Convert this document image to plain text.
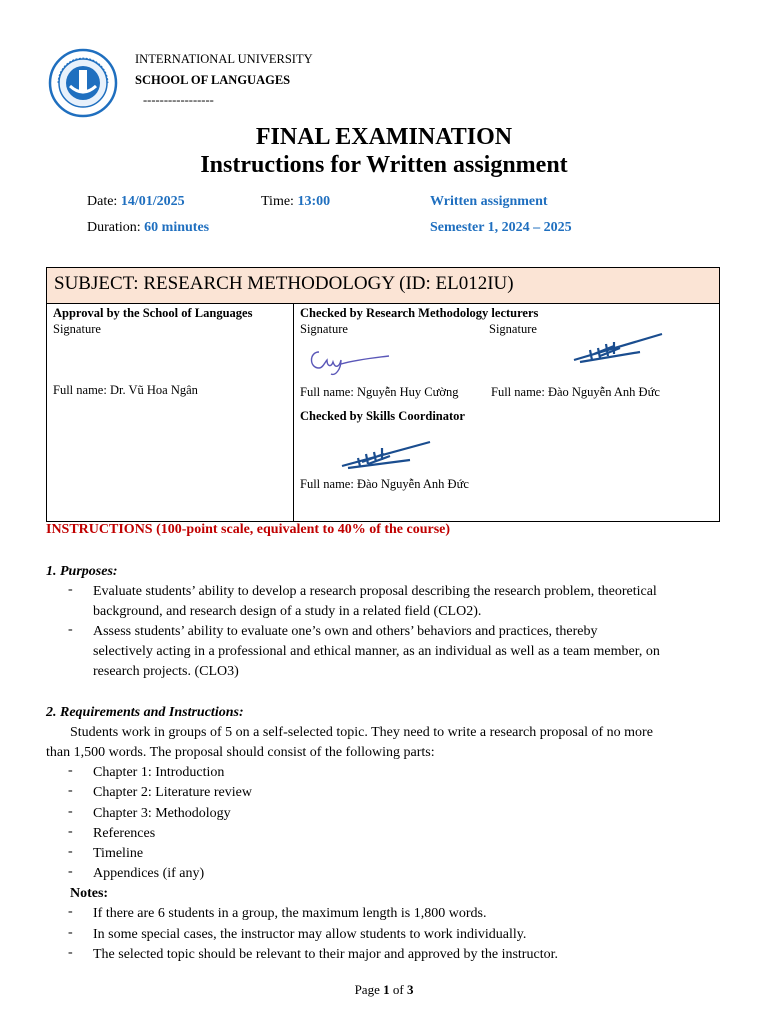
INTERNATIONAL UNIVERSITY
SCHOOL OF LANGUAGES
-----------------
FINAL EXAMINATION
Instructions for Written assignment
Date: 14/01/2025	Time: 13:00	Written assignment
Duration: 60 minutes	Semester 1, 2024 – 2025
SUBJECT: RESEARCH METHODOLOGY (ID: EL012IU)
Approval by the School of Languages
Signature
Full name: Dr. Vũ Hoa Ngân
Checked by Research Methodology lecturers
Signature	Signature
Full name: Nguyễn Huy Cường	Full name: Đào Nguyễn Anh Đức
Checked by Skills Coordinator
Full name: Đào Nguyễn Anh Đức
INSTRUCTIONS (100-point scale, equivalent to 40% of the course)
1. Purposes:
- Evaluate students’ ability to develop a research proposal describing the research problem, theoretical
background, and research design of a study in a related field (CLO2).
- Assess students’ ability to evaluate one’s own and others’ behaviors and practices, thereby
selectively acting in a professional and ethical manner, as an individual as well as a team member, on
research projects. (CLO3)
2. Requirements and Instructions:
Students work in groups of 5 on a self-selected topic. They need to write a research proposal of no more
than 1,500 words. The proposal should consist of the following parts:
- Chapter 1: Introduction
- Chapter 2: Literature review
- Chapter 3: Methodology
- References
- Timeline
- Appendices (if any)
Notes:
- If there are 6 students in a group, the maximum length is 1,800 words.
- In some special cases, the instructor may allow students to work individually.
- The selected topic should be relevant to their major and approved by the instructor.
Page 1 of 3
